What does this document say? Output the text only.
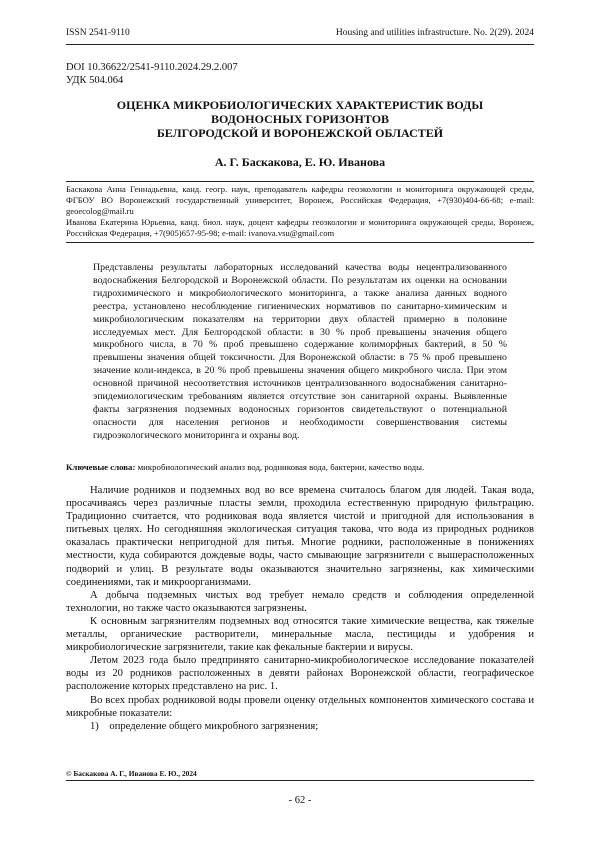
ISSN 2541-9110	Housing and utilities infrastructure. No. 2(29). 2024
DOI 10.36622/2541-9110.2024.29.2.007
УДК 504.064
ОЦЕНКА МИКРОБИОЛОГИЧЕСКИХ ХАРАКТЕРИСТИК ВОДЫ
ВОДОНОСНЫХ ГОРИЗОНТОВ
БЕЛГОРОДСКОЙ И ВОРОНЕЖСКОЙ ОБЛАСТЕЙ
А. Г. Баскакова, Е. Ю. Иванова

Баскакова Анна Геннадьевна, канд. геогр. наук, преподаватель кафедры геоэкологии и мониторинга окружающей среды, ФГБОУ ВО Воронежский государственный университет, Воронеж, Российская Федерация, +7(930)404-66-68; e-mail: geoecolog@mail.ru

Иванова Екатерина Юрьевна, канд. биол. наук, доцент кафедры геоэкологии и мониторинга окружающей среды, Воронеж, Российская Федерация, +7(905)657-95-98; e-mail: ivanova.vsu@gmail.com

Представлены результаты лабораторных исследований качества воды нецентрализованного водоснабжения Белгородской и Воронежской области. По результатам их оценки на основании гидрохимического и микробиологического мониторинга, а также анализа данных водного реестра, установлено несоблюдение гигиенических нормативов по санитарно-химическим и микробиологическим показателям на территории двух областей примерно в половине исследуемых мест. Для Белгородской области: в 30 % проб превышены значения общего микробного числа, в 70 % проб превышено содержание колиморфных бактерий, в 50 % превышены значения общей токсичности. Для Воронежской области: в 75 % проб превышено значение коли-индекса, в 20 % проб превышены значения общего микробного числа. При этом основной причиной несоответствия источников централизованного водоснабжения санитарно-эпидемиологическим требованиям является отсутствие зон санитарной охраны. Выявленные факты загрязнения подземных водоносных горизонтов свидетельствуют о потенциальной опасности для населения регионов и необходимости совершенствования системы гидроэкологического мониторинга и охраны вод.

Ключевые слова: микробиологический анализ вод, родниковая вода, бактерии, качество воды.

Наличие родников и подземных вод во все времена считалось благом для людей. Такая вода, просачиваясь через различные пласты земли, проходила естественную природную фильтрацию. Традиционно считается, что родниковая вода является чистой и пригодной для использования в питьевых целях. Но сегодняшняя экологическая ситуация такова, что вода из природных родников оказалась практически непригодной для питья. Многие родники, расположенные в понижениях местности, куда собираются дождевые воды, часто смывающие загрязнители с вышерасположенных подворий и улиц. В результате воды оказываются значительно загрязнены, как химическими соединениями, так и микроорганизмами.

А добыча подземных чистых вод требует немало средств и соблюдения определенной технологии, но также часто оказываются загрязнены.

К основным загрязнителям подземных вод относятся такие химические вещества, как тяжелые металлы, органические растворители, минеральные масла, пестициды и удобрения и микробиологические загрязнители, такие как фекальные бактерии и вирусы.

Летом 2023 года было предпринято санитарно-микробиологическое исследование показателей воды из 20 родников расположенных в девяти районах Воронежской области, географическое расположение которых представлено на рис. 1.

Во всех пробах родниковой воды провели оценку отдельных компонентов химического состава и микробные показатели:

1) определение общего микробного загрязнения;

© Баскакова А. Г., Иванова Е. Ю., 2024
- 62 -
